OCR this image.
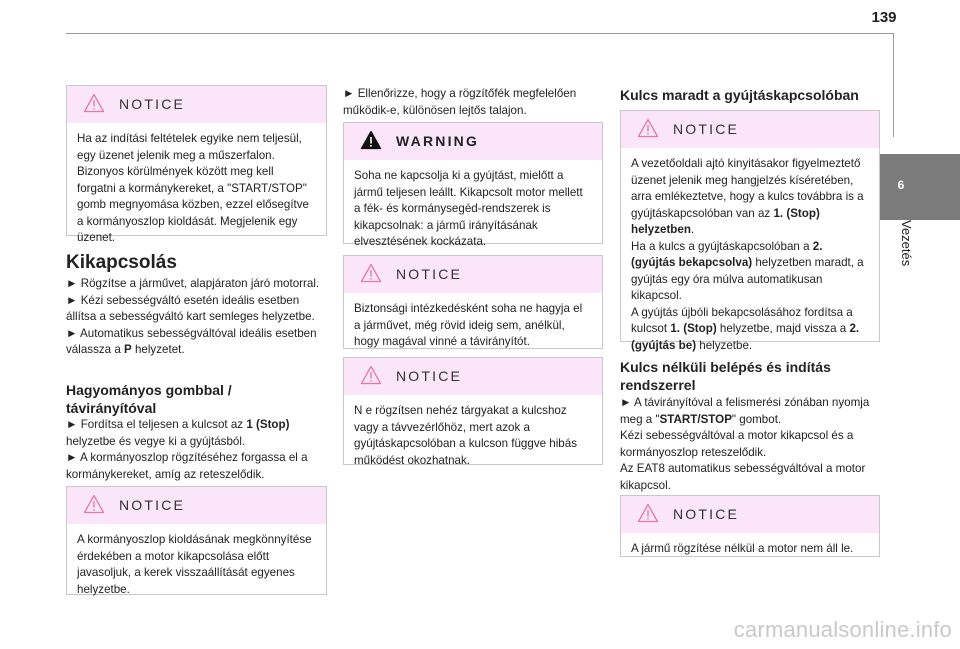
139
6
Vezetés
NOTICE

Ha az indítási feltételek egyike nem teljesül, egy üzenet jelenik meg a műszerfalon. Bizonyos körülmények között meg kell forgatni a kormánykereket, a "START/STOP" gomb megnyomása közben, ezzel elősegítve a kormányoszlop kioldását. Megjelenik egy üzenet.

Kikapcsolás

► Rögzítse a járművet, alapjáraton járó motorral.

► Kézi sebességváltó esetén ideális esetben állítsa a sebességváltó kart semleges helyzetbe.

► Automatikus sebességváltóval ideális esetben válassza a P helyzetet.

Hagyományos gombbal / távirányítóval

► Fordítsa el teljesen a kulcsot az 1 (Stop) helyzetbe és vegye ki a gyújtásból.

► A kormányoszlop rögzítéséhez forgassa el a kormánykereket, amíg az reteszelődik.

NOTICE

A kormányoszlop kioldásának megkönnyítése érdekében a motor kikapcsolása előtt javasoljuk, a kerek visszaállítását egyenes helyzetbe.

► Ellenőrizze, hogy a rögzítőfék megfelelően működik-e, különösen lejtős talajon.
WARNING

Soha ne kapcsolja ki a gyújtást, mielőtt a jármű teljesen leállt. Kikapcsolt motor mellett a fék- és kormánysegéd-rendszerek is kikapcsolnak: a jármű irányításának elvesztésének kockázata.

NOTICE

Biztonsági intézkedésként soha ne hagyja el a járművet, még rövid ideig sem, anélkül, hogy magával vinné a távirányítót.

NOTICE

N e rögzítsen nehéz tárgyakat a kulcshoz vagy a távvezérlőhöz, mert azok a gyújtáskapcsolóban a kulcson függve hibás működést okozhatnak.

Kulcs maradt a gyújtáskapcsolóban
NOTICE

A vezetőoldali ajtó kinyitásakor figyelmeztető üzenet jelenik meg hangjelzés kíséretében, arra emlékeztetve, hogy a kulcs továbbra is a gyújtáskapcsolóban van az 1. (Stop) helyzetben.

Ha a kulcs a gyújtáskapcsolóban a 2. (gyújtás bekapcsolva) helyzetben maradt, a gyújtás egy óra múlva automatikusan kikapcsol.

A gyújtás újbóli bekapcsolásához fordítsa a kulcsot 1. (Stop) helyzetbe, majd vissza a 2. (gyújtás be) helyzetbe.

Kulcs nélküli belépés és indítás rendszerrel

► A távirányítóval a felismerési zónában nyomja meg a "START/STOP" gombot.

Kézi sebességváltóval a motor kikapcsol és a kormányoszlop reteszelődik.

Az EAT8 automatikus sebességváltóval a motor kikapcsol.

NOTICE

A jármű rögzítése nélkül a motor nem áll le.

carmanualsonline.info
